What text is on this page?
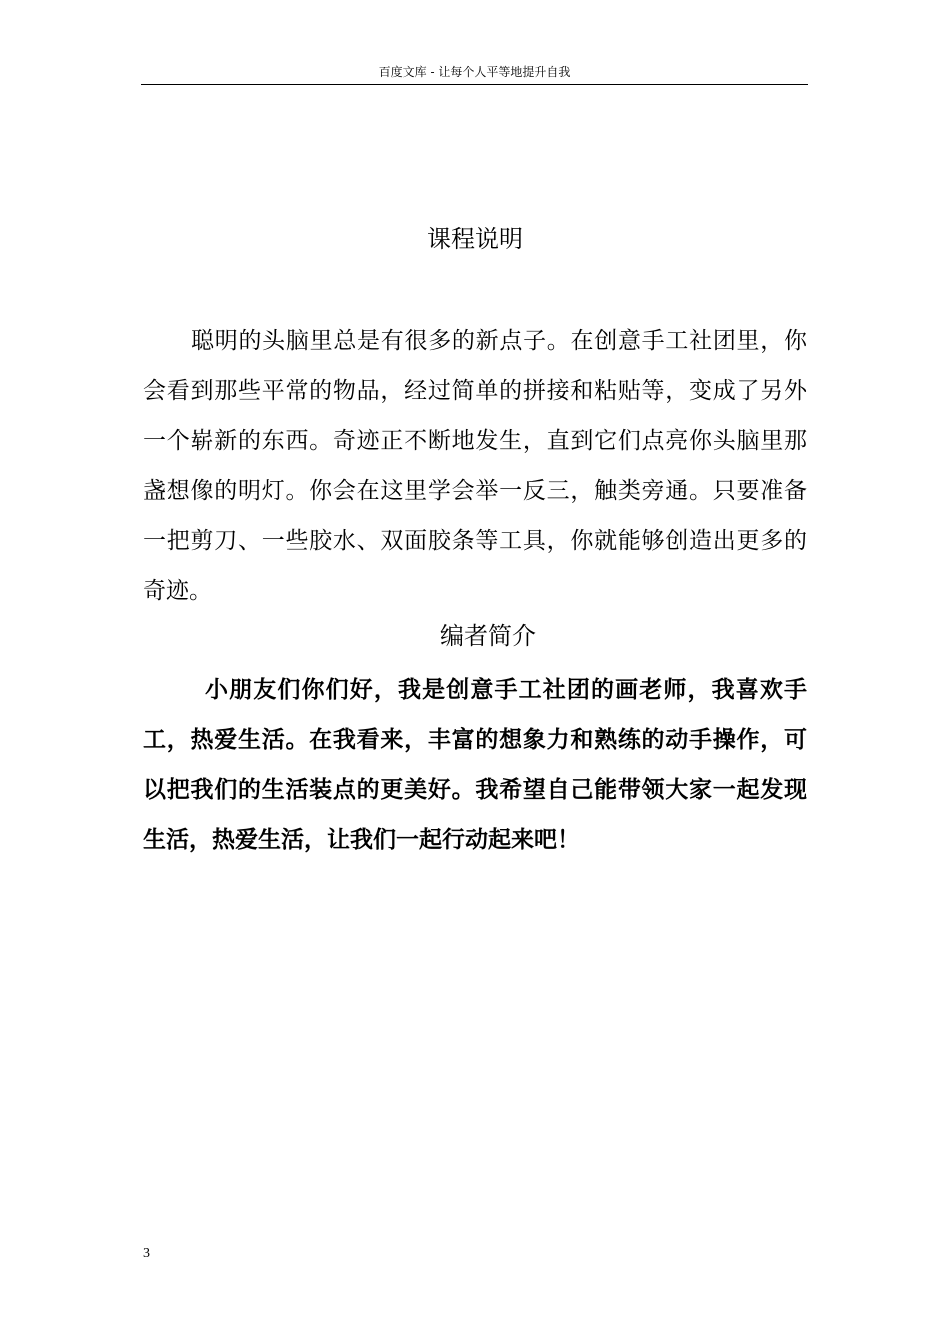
百度文库 - 让每个人平等地提升自我
课程说明

聪明的头脑里总是有很多的新点子。在创意手工社团里，你会看到那些平常的物品，经过简单的拼接和粘贴等，变成了另外一个崭新的东西。奇迹正不断地发生，直到它们点亮你头脑里那盏想像的明灯。你会在这里学会举一反三，触类旁通。只要准备一把剪刀、一些胶水、双面胶条等工具，你就能够创造出更多的奇迹。

编者简介

小朋友们你们好，我是创意手工社团的画老师，我喜欢手工，热爱生活。在我看来，丰富的想象力和熟练的动手操作，可以把我们的生活装点的更美好。我希望自己能带领大家一起发现生活，热爱生活，让我们一起行动起来吧！

3
